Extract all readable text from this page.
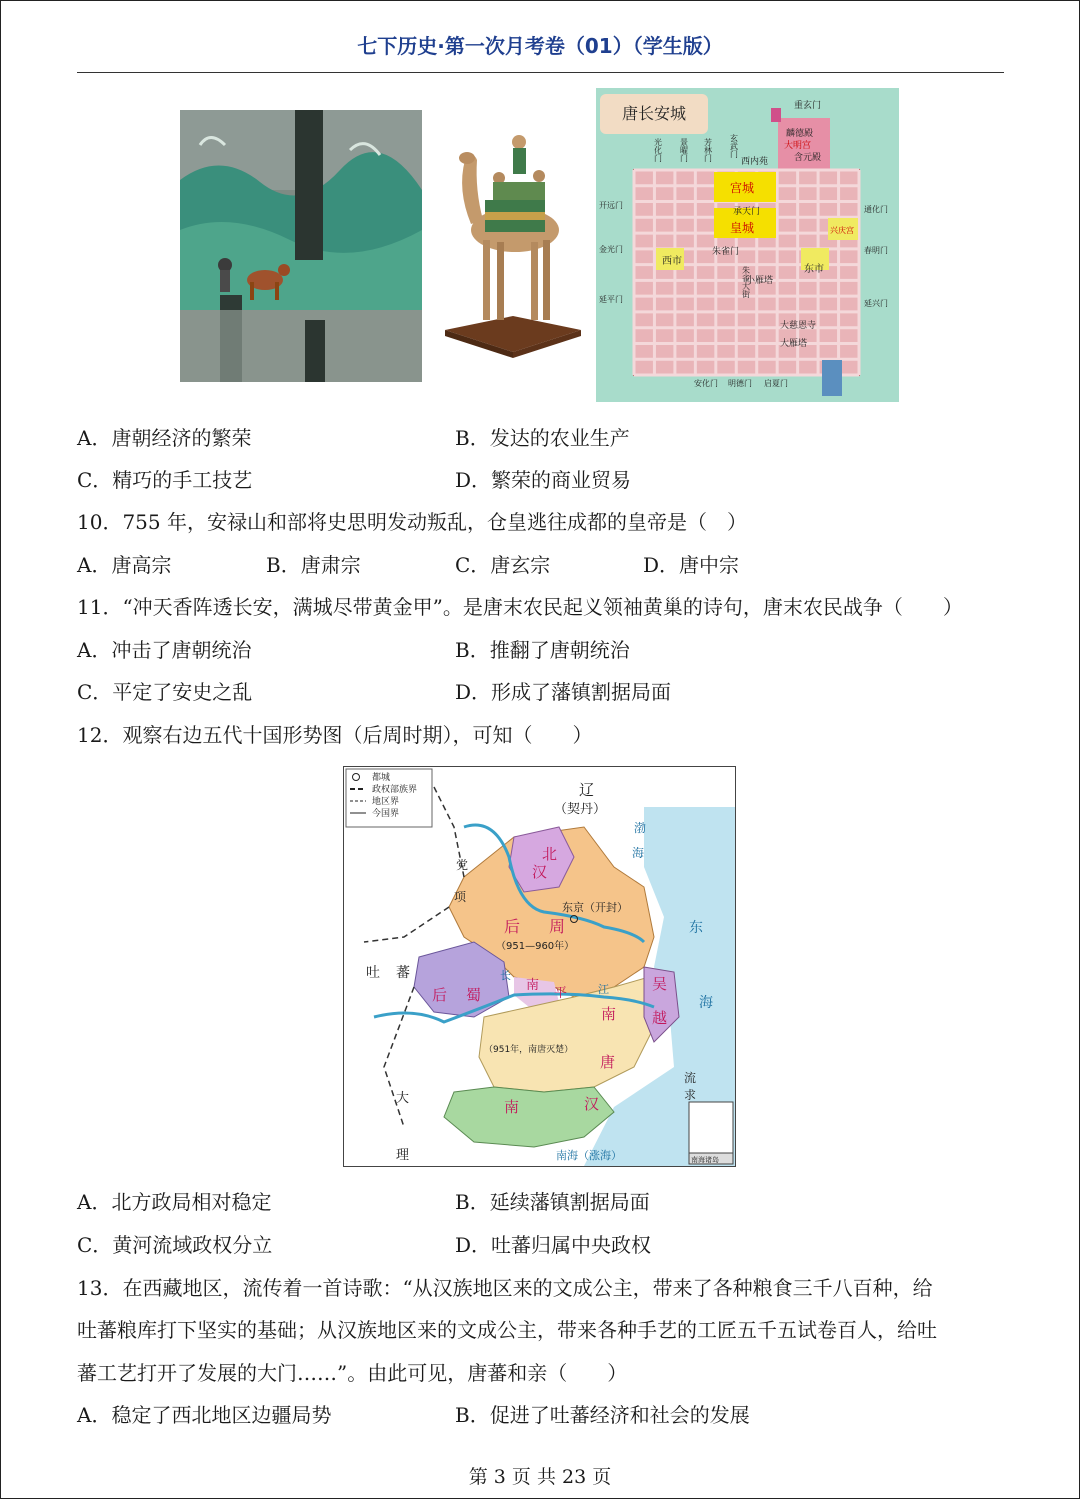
七下历史·第一次月考卷（01）（学生版）
唐长安城	重玄门
麟德殿
大明宫
含元殿
西内苑
宫城
承天门
皇城
西市
东市
兴庆宫
朱雀门
小雁塔
大慈恩寺
大雁塔
开远门
金光门
延平门
通化门
春明门
延兴门
安化门 明德门 启夏门
光化门 景曜门 芳林门 玄武门
朱雀大街
A．唐朝经济的繁荣	B．发达的农业生产
C．精巧的手工技艺	D．繁荣的商业贸易
10．755 年，安禄山和部将史思明发动叛乱，仓皇逃往成都的皇帝是（　）
A．唐高宗	B．唐肃宗	C．唐玄宗	D．唐中宗
11．“冲天香阵透长安，满城尽带黄金甲”。是唐末农民起义领袖黄巢的诗句，唐末农民战争（　　）
A．冲击了唐朝统治	B．推翻了唐朝统治
C．平定了安史之乱	D．形成了藩镇割据局面
12．观察右边五代十国形势图（后周时期），可知（　　）
都城
政权部族界
地区界
今国界
辽
（契丹）
北
汉
党
项
东京（开封）
后 周
（951—960年）
吐 蕃
后 蜀
长
南
平	江	吴
越
南
唐
（951年，南唐灭楚）
南	汉
大
理
渤
海
东
海
流
求
南海（涨海）	南海诸岛
A．北方政局相对稳定	B．延续藩镇割据局面
C．黄河流域政权分立	D．吐蕃归属中央政权
13．在西藏地区，流传着一首诗歌：“从汉族地区来的文成公主，带来了各种粮食三千八百种，给
吐蕃粮库打下坚实的基础；从汉族地区来的文成公主，带来各种手艺的工匠五千五试卷百人，给吐
蕃工艺打开了发展的大门……”。由此可见，唐蕃和亲（　　）
A．稳定了西北地区边疆局势	B．促进了吐蕃经济和社会的发展
第 3 页 共 23 页
